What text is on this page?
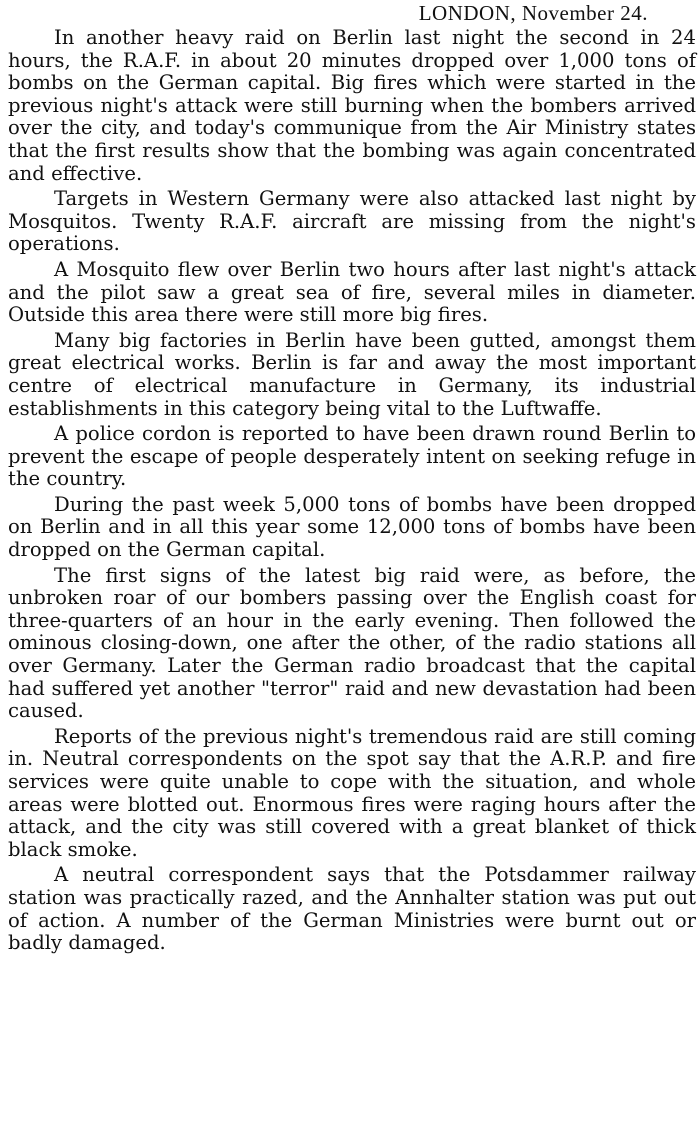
LONDON, November 24.

In another heavy raid on Berlin last night the second in 24 hours, the R.A.F. in about 20 minutes dropped over 1,000 tons of bombs on the German capital. Big fires which were started in the previous night's attack were still burning when the bombers arrived over the city, and today's communique from the Air Ministry states that the first results show that the bombing was again concentrated and effective.

Targets in Western Germany were also attacked last night by Mosquitos. Twenty R.A.F. aircraft are missing from the night's operations.

A Mosquito flew over Berlin two hours after last night's attack and the pilot saw a great sea of fire, several miles in diameter. Outside this area there were still more big fires.

Many big factories in Berlin have been gutted, amongst them great electrical works. Berlin is far and away the most important centre of electrical manufacture in Germany, its industrial establishments in this category being vital to the Luftwaffe.

A police cordon is reported to have been drawn round Berlin to prevent the escape of people desperately intent on seeking refuge in the country.

During the past week 5,000 tons of bombs have been dropped on Berlin and in all this year some 12,000 tons of bombs have been dropped on the German capital.

The first signs of the latest big raid were, as before, the unbroken roar of our bombers passing over the English coast for three-quarters of an hour in the early evening. Then followed the ominous closing-down, one after the other, of the radio stations all over Germany. Later the German radio broadcast that the capital had suffered yet another "terror" raid and new devastation had been caused.

Reports of the previous night's tremendous raid are still coming in. Neutral correspondents on the spot say that the A.R.P. and fire services were quite unable to cope with the situation, and whole areas were blotted out. Enormous fires were raging hours after the attack, and the city was still covered with a great blanket of thick black smoke.

A neutral correspondent says that the Potsdammer railway station was practically razed, and the Annhalter station was put out of action. A number of the German Ministries were burnt out or badly damaged.
